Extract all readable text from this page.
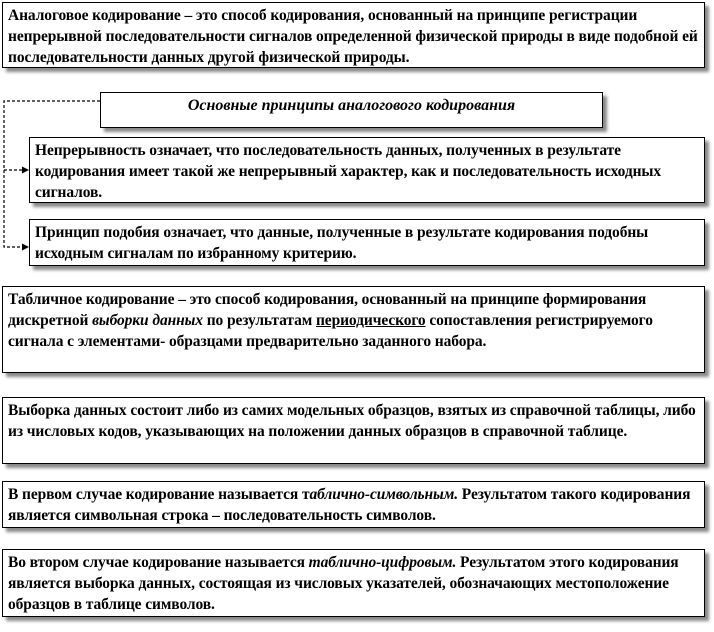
Аналоговое кодирование – это способ кодирования, основанный на принципе регистрации непрерывной последовательности сигналов определенной физической природы в виде подобной ей последовательности данных другой физической природы.
Основные принципы аналогового кодирования
Непрерывность означает, что последовательность данных, полученных в результате кодирования имеет такой же непрерывный характер, как и последовательность исходных сигналов.
Принцип подобия означает, что данные, полученные в результате кодирования подобны исходным сигналам по избранному критерию.
Табличное кодирование – это способ кодирования, основанный на принципе формирования дискретной выборки данных по результатам периодического сопоставления регистрируемого сигнала с элементами- образцами предварительно заданного набора.
Выборка данных состоит либо из самих модельных образцов, взятых из справочной таблицы, либо из числовых кодов, указывающих на положении данных образцов в справочной таблице.
В первом случае кодирование называется таблично-символьным. Результатом такого кодирования является символьная строка – последовательность символов.
Во втором случае кодирование называется таблично-цифровым. Результатом этого кодирования является выборка данных, состоящая из числовых указателей, обозначающих местоположение образцов в таблице символов.
